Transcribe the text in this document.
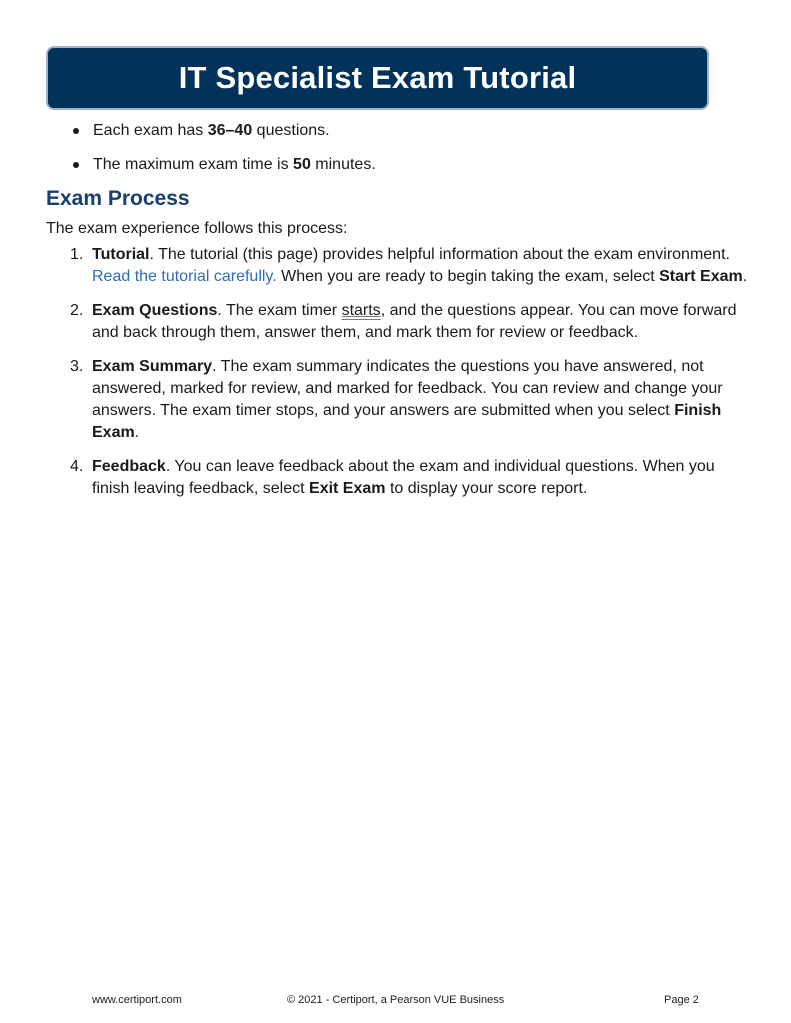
IT Specialist Exam Tutorial
Each exam has 36–40 questions.
The maximum exam time is 50 minutes.
Exam Process

The exam experience follows this process:

1. Tutorial. The tutorial (this page) provides helpful information about the exam environment. Read the tutorial carefully. When you are ready to begin taking the exam, select Start Exam.
2. Exam Questions. The exam timer starts, and the questions appear. You can move forward and back through them, answer them, and mark them for review or feedback.
3. Exam Summary. The exam summary indicates the questions you have answered, not answered, marked for review, and marked for feedback. You can review and change your answers. The exam timer stops, and your answers are submitted when you select Finish Exam.
4. Feedback. You can leave feedback about the exam and individual questions. When you finish leaving feedback, select Exit Exam to display your score report.
www.certiport.com	© 2021 - Certiport, a Pearson VUE Business	Page 2
